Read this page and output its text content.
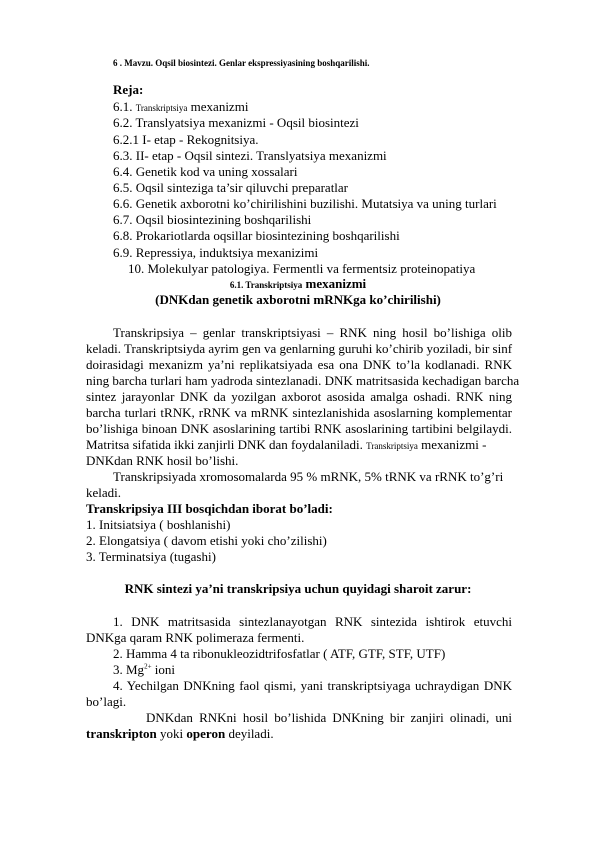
6 . Mavzu. Oqsil biosintezi. Genlar ekspressiyasining boshqarilishi.
Reja:
6.1. Transkriptsiya mexanizmi
6.2. Translyatsiya mexanizmi - Oqsil biosintezi
6.2.1 I- etap - Rekognitsiya.
6.3. II- etap - Oqsil sintezi. Translyatsiya mexanizmi
6.4. Genetik kod va uning xossalari
6.5. Oqsil sinteziga ta’sir qiluvchi preparatlar
6.6. Genetik axborotni ko’chirilishini buzilishi. Mutatsiya va uning turlari
6.7. Oqsil biosintezining boshqarilishi
6.8. Prokariotlarda oqsillar biosintezining boshqarilishi
6.9. Repressiya, induktsiya mexanizimi
10. Molekulyar patologiya. Fermentli va fermentsiz proteinopatiya
6.1. Transkriptsiya mexanizmi
(DNKdan genetik axborotni mRNKga ko’chirilishi)
Transkripsiya – genlar transkriptsiyasi – RNK ning hosil bo’lishiga olib
keladi. Transkriptsiyda ayrim gen va genlarning guruhi ko’chirib yoziladi, bir sinf
doirasidagi mexanizm ya’ni replikatsiyada esa ona DNK to’la kodlanadi. RNK
ning barcha turlari ham yadroda sintezlanadi. DNK matritsasida kechadigan barcha
sintez jarayonlar DNK da yozilgan axborot asosida amalga oshadi. RNK ning
barcha turlari tRNK, rRNK va mRNK sintezlanishida asoslarning komplementar
bo’lishiga binoan DNK asoslarining tartibi RNK asoslarining tartibini belgilaydi.
Matritsa sifatida ikki zanjirli DNK dan foydalaniladi. Transkriptsiya mexanizmi -
DNKdan RNK hosil bo’lishi.
Transkripsiyada xromosomalarda 95 % mRNK, 5% tRNK va rRNK to’g’ri
keladi.
Transkripsiya III bosqichdan iborat bo’ladi:
1. Initsiatsiya ( boshlanishi)
2. Elongatsiya ( davom etishi yoki cho’zilishi)
3. Terminatsiya (tugashi)
RNK sintezi ya’ni transkripsiya uchun quyidagi sharoit zarur:
1. DNK matritsasida sintezlanayotgan RNK sintezida ishtirok etuvchi
DNKga qaram RNK polimeraza fermenti.
2. Hamma 4 ta ribonukleozidtrifosfatlar ( ATF, GTF, STF, UTF)
3. $Mg^{2+}$ ioni
4. Yechilgan DNKning faol qismi, yani transkriptsiyaga uchraydigan DNK
bo’lagi.
DNKdan RNKni hosil bo’lishida DNKning bir zanjiri olinadi, uni
transkripton yoki operon deyiladi.
